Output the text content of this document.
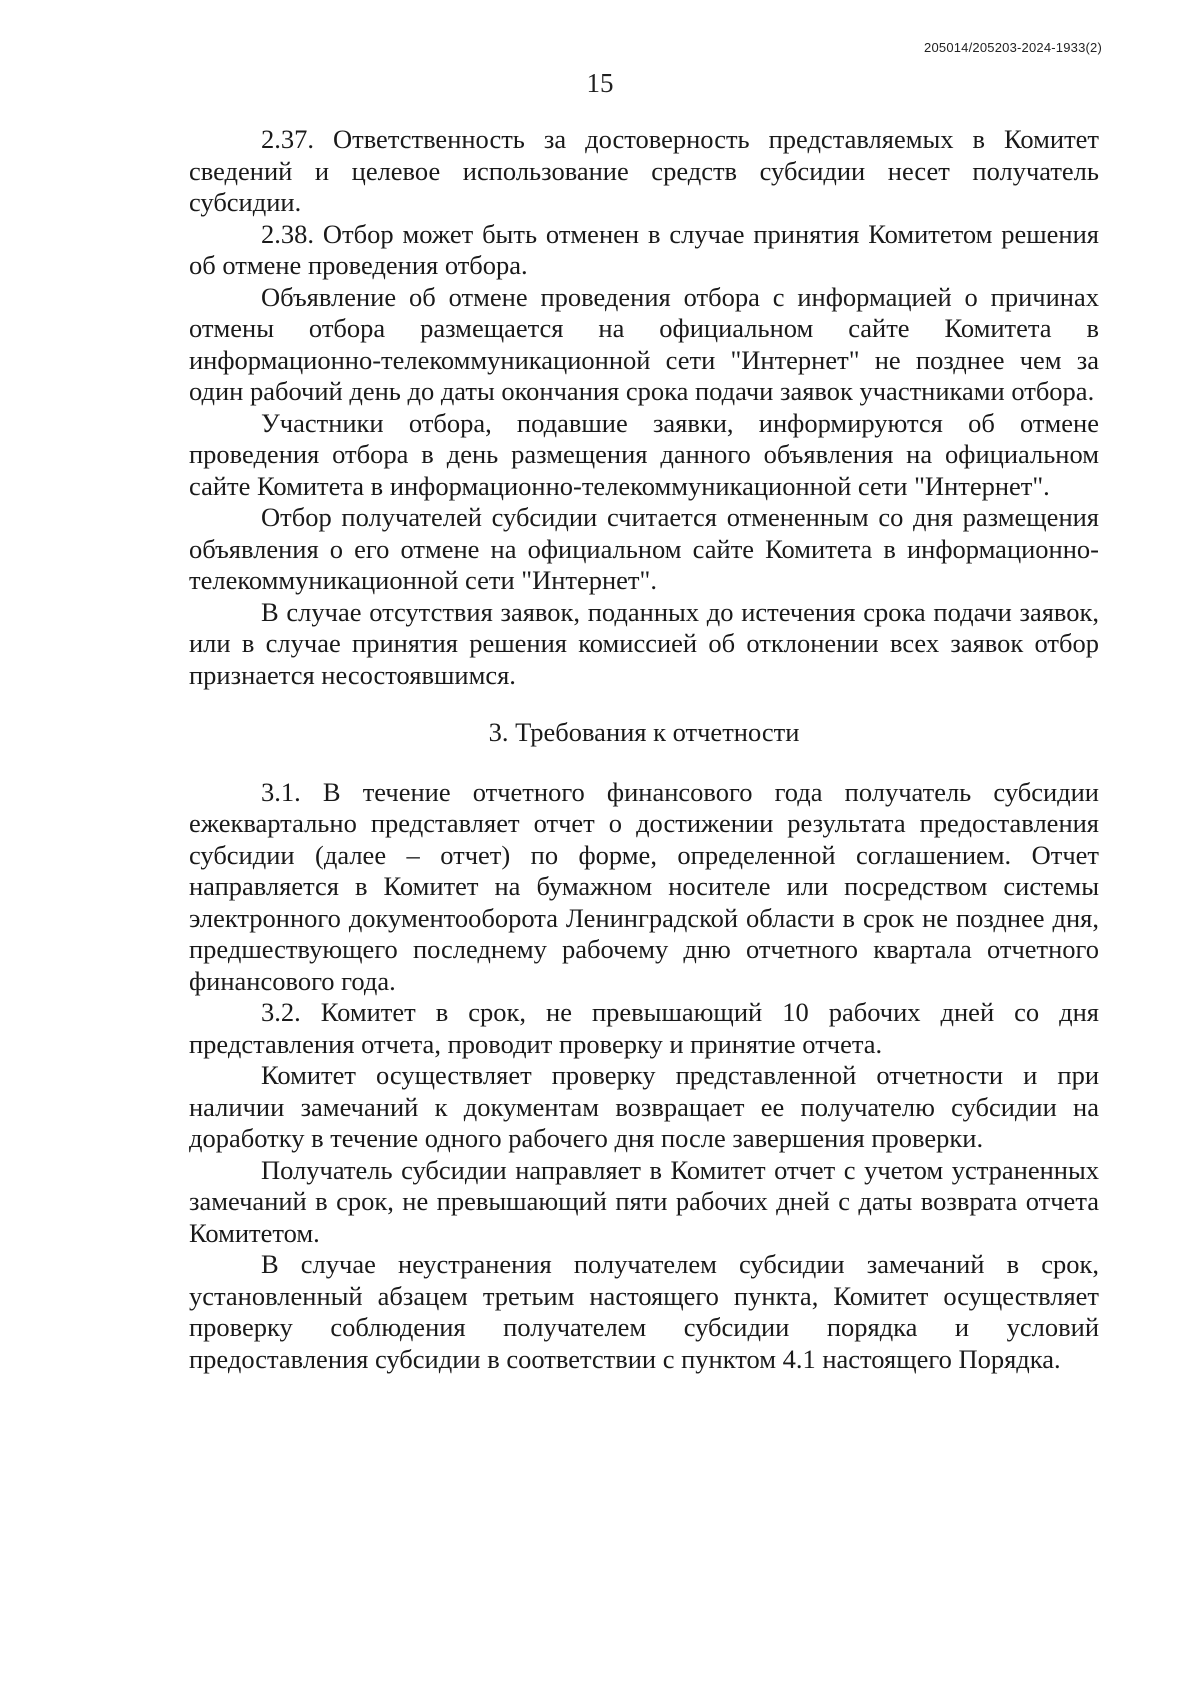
205014/205203-2024-1933(2)
15

2.37. Ответственность за достоверность представляемых в Комитет сведений и целевое использование средств субсидии несет получатель субсидии.

2.38. Отбор может быть отменен в случае принятия Комитетом решения об отмене проведения отбора.

Объявление об отмене проведения отбора с информацией о причинах отмены отбора размещается на официальном сайте Комитета в информационно-телекоммуникационной сети "Интернет" не позднее чем за один рабочий день до даты окончания срока подачи заявок участниками отбора.

Участники отбора, подавшие заявки, информируются об отмене проведения отбора в день размещения данного объявления на официальном сайте Комитета в информационно-телекоммуникационной сети "Интернет".

Отбор получателей субсидии считается отмененным со дня размещения объявления о его отмене на официальном сайте Комитета в информационно-телекоммуникационной сети "Интернет".

В случае отсутствия заявок, поданных до истечения срока подачи заявок, или в случае принятия решения комиссией об отклонении всех заявок отбор признается несостоявшимся.

3. Требования к отчетности

3.1. В течение отчетного финансового года получатель субсидии ежеквартально представляет отчет о достижении результата предоставления субсидии (далее – отчет) по форме, определенной соглашением. Отчет направляется в Комитет на бумажном носителе или посредством системы электронного документооборота Ленинградской области в срок не позднее дня, предшествующего последнему рабочему дню отчетного квартала отчетного финансового года.

3.2. Комитет в срок, не превышающий 10 рабочих дней со дня представления отчета, проводит проверку и принятие отчета.

Комитет осуществляет проверку представленной отчетности и при наличии замечаний к документам возвращает ее получателю субсидии на доработку в течение одного рабочего дня после завершения проверки.

Получатель субсидии направляет в Комитет отчет с учетом устраненных замечаний в срок, не превышающий пяти рабочих дней с даты возврата отчета Комитетом.

В случае неустранения получателем субсидии замечаний в срок, установленный абзацем третьим настоящего пункта, Комитет осуществляет проверку соблюдения получателем субсидии порядка и условий предоставления субсидии в соответствии с пунктом 4.1 настоящего Порядка.
